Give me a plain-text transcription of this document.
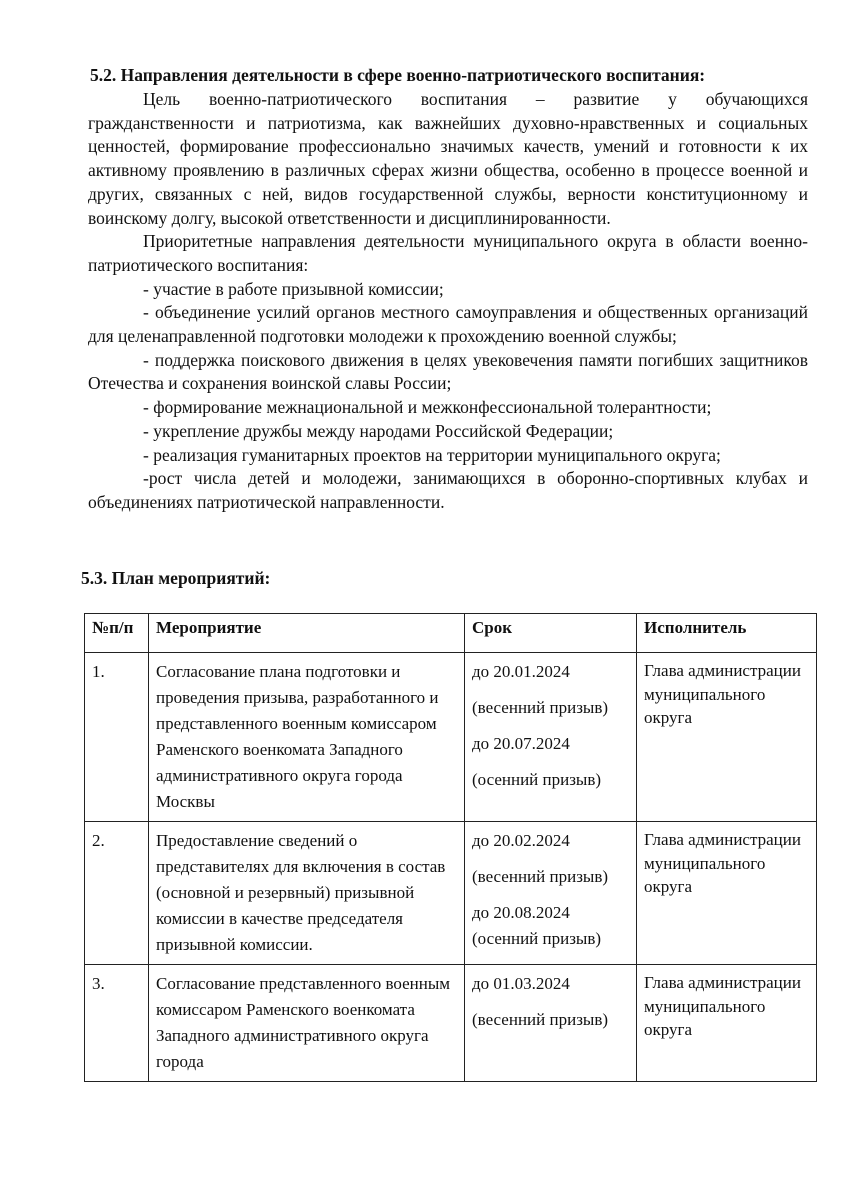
5.2. Направления деятельности в сфере военно-патриотического воспитания:

Цель военно-патриотического воспитания – развитие у обучающихся гражданственности и патриотизма, как важнейших духовно-нравственных и социальных ценностей, формирование профессионально значимых качеств, умений и готовности к их активному проявлению в различных сферах жизни общества, особенно в процессе военной и других, связанных с ней, видов государственной службы, верности конституционному и воинскому долгу, высокой ответственности и дисциплинированности.

Приоритетные направления деятельности муниципального округа в области военно-патриотического воспитания:

- участие в работе призывной комиссии;

- объединение усилий органов местного самоуправления и общественных организаций для целенаправленной подготовки молодежи к прохождению военной службы;

- поддержка поискового движения в целях увековечения памяти погибших защитников Отечества и сохранения воинской славы России;

- формирование межнациональной и межконфессиональной толерантности;

- укрепление дружбы между народами Российской Федерации;

- реализация гуманитарных проектов на территории муниципального округа;

-рост числа детей и молодежи, занимающихся в оборонно-спортивных клубах и объединениях патриотической направленности.

5.3. План мероприятий:
№п/п	Мероприятие	Срок	Исполнитель
1.	Согласование плана подготовки и проведения призыва, разработанного и представленного военным комиссаром Раменского военкомата Западного административного округа города Москвы	до 20.01.2024
(весенний призыв)
до 20.07.2024
(осенний призыв)	Глава администрации муниципального округа
2.	Предоставление сведений о представителях для включения в состав (основной и резервный) призывной комиссии в качестве председателя призывной комиссии.	до 20.02.2024
(весенний призыв)
до 20.08.2024
(осенний призыв)	Глава администрации муниципального округа
3.	Согласование представленного военным комиссаром Раменского военкомата Западного административного округа города	до 01.03.2024
(весенний призыв)	Глава администрации муниципального округа
